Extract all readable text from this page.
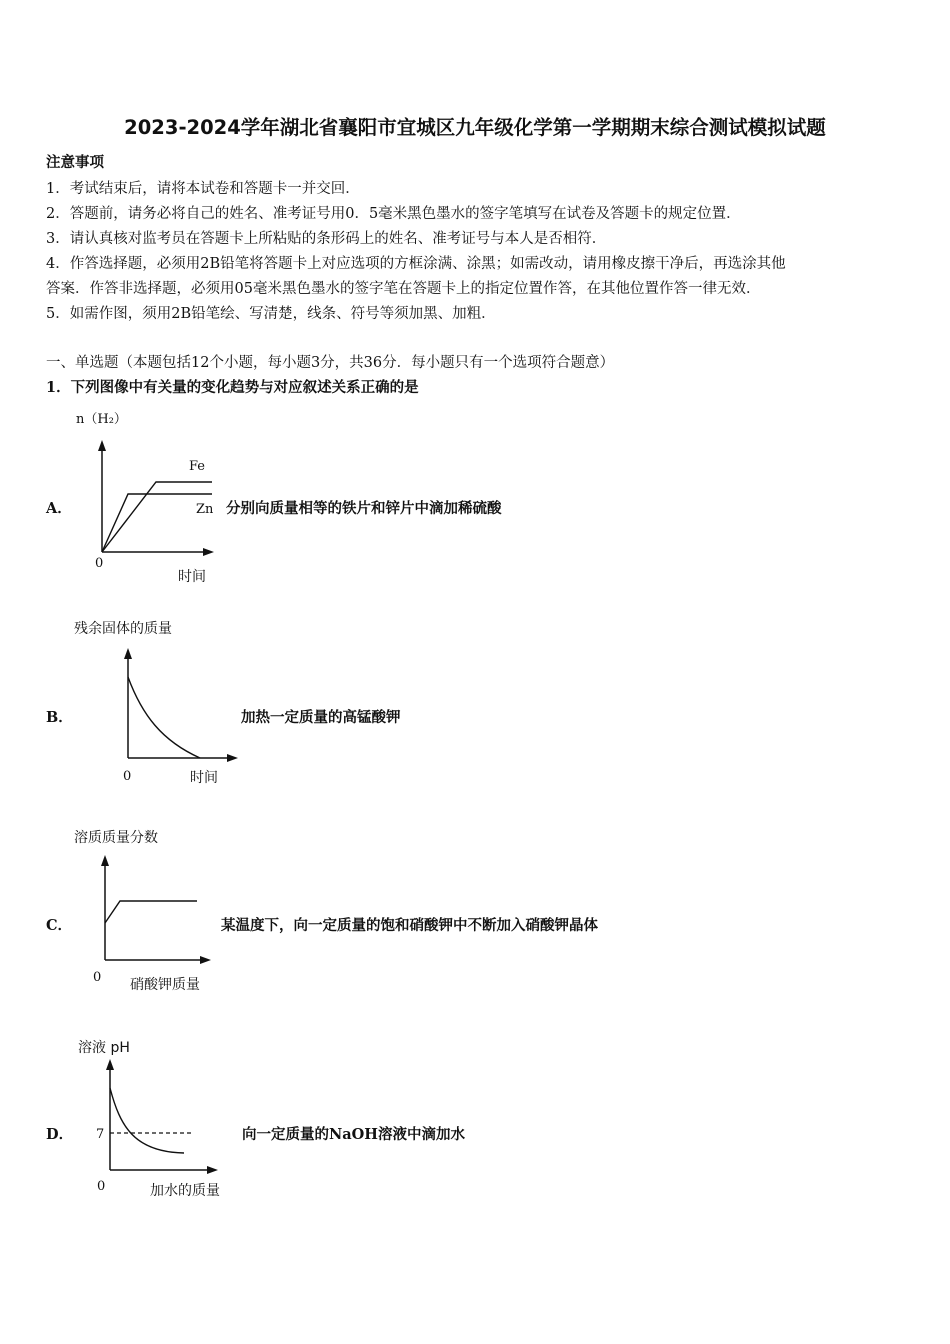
2023-2024学年湖北省襄阳市宜城区九年级化学第一学期期末综合测试模拟试题
注意事项
1．考试结束后，请将本试卷和答题卡一并交回．
2．答题前，请务必将自己的姓名、准考证号用0．5毫米黑色墨水的签字笔填写在试卷及答题卡的规定位置．
3．请认真核对监考员在答题卡上所粘贴的条形码上的姓名、准考证号与本人是否相符．
4．作答选择题，必须用2B铅笔将答题卡上对应选项的方框涂满、涂黑；如需改动，请用橡皮擦干净后，再选涂其他
答案．作答非选择题，必须用05毫米黑色墨水的签字笔在答题卡上的指定位置作答，在其他位置作答一律无效．
5．如需作图，须用2B铅笔绘、写清楚，线条、符号等须加黑、加粗．
一、单选题（本题包括12个小题，每小题3分，共36分．每小题只有一个选项符合题意）
1．下列图像中有关量的变化趋势与对应叙述关系正确的是
A．
n（H₂）
Fe
Zn
0
时间
分别向质量相等的铁片和锌片中滴加稀硫酸
B．
残余固体的质量
0	时间
加热一定质量的高锰酸钾
C．
溶质质量分数
0 硝酸钾质量
某温度下，向一定质量的饱和硝酸钾中不断加入硝酸钾晶体
D．
溶液 pH
7
0	加水的质量
向一定质量的NaOH溶液中滴加水
